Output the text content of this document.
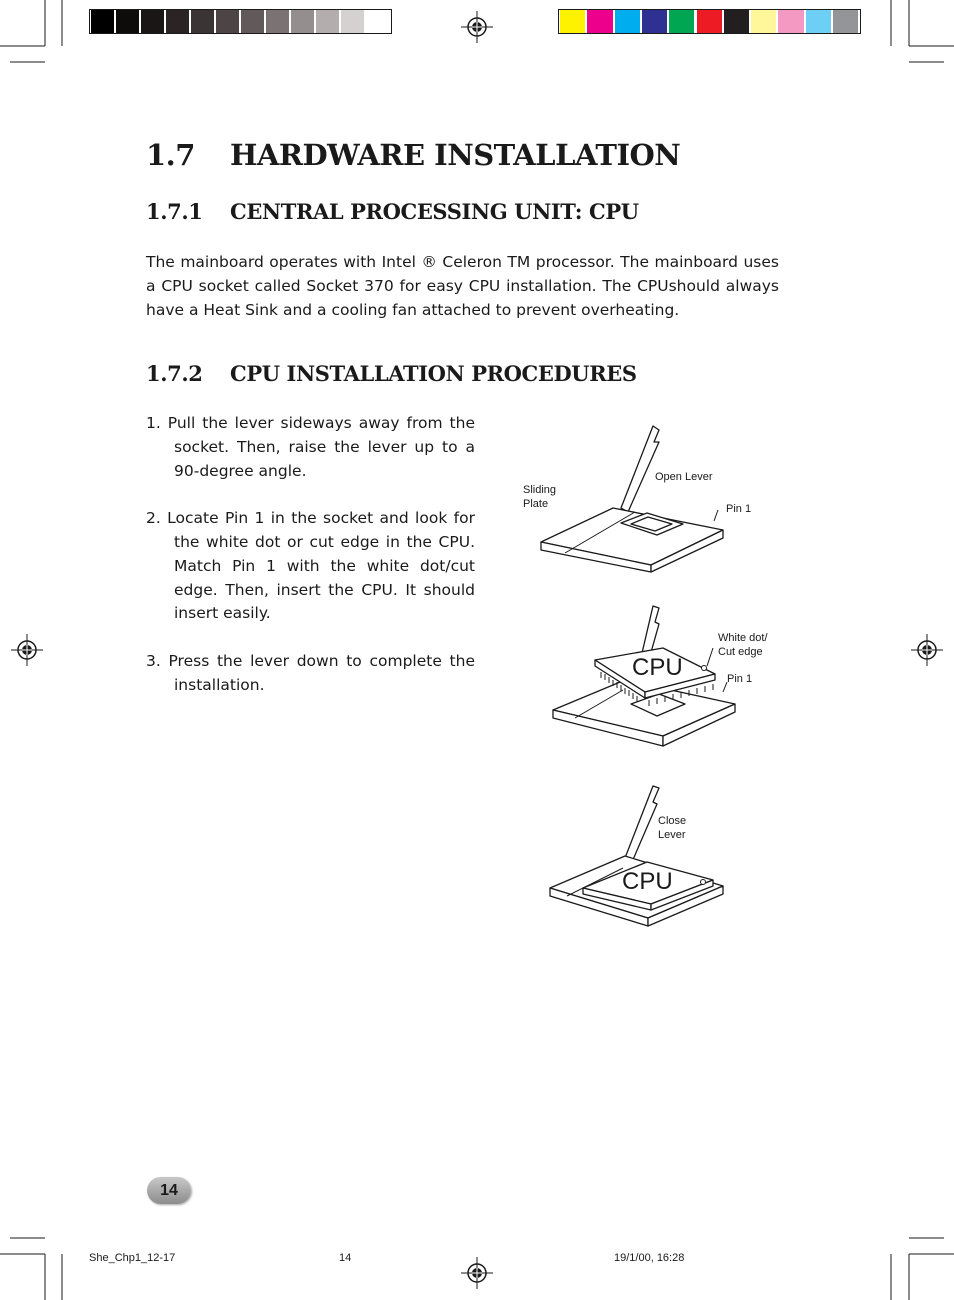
1.7 HARDWARE INSTALLATION
1.7.1 CENTRAL PROCESSING UNIT: CPU

The mainboard operates with Intel ® Celeron TM processor. The mainboard uses a CPU socket called Socket 370 for easy CPU installation. The CPUshould always have a Heat Sink and a cooling fan attached to prevent overheating.

1.7.2 CPU INSTALLATION PROCEDURES
1. Pull the lever sideways away from the socket. Then, raise the lever up to a 90-degree angle.
2. Locate Pin 1 in the socket and look for the white dot or cut edge in the CPU. Match Pin 1 with the white dot/cut edge. Then, insert the CPU. It should insert easily.
3. Press the lever down to complete the installation.
Sliding
Plate
Open Lever
Pin 1
CPU
White dot/
Cut edge
Pin 1
CPU
Close
Lever
14
She_Chp1_12-17	14	19/1/00, 16:28
